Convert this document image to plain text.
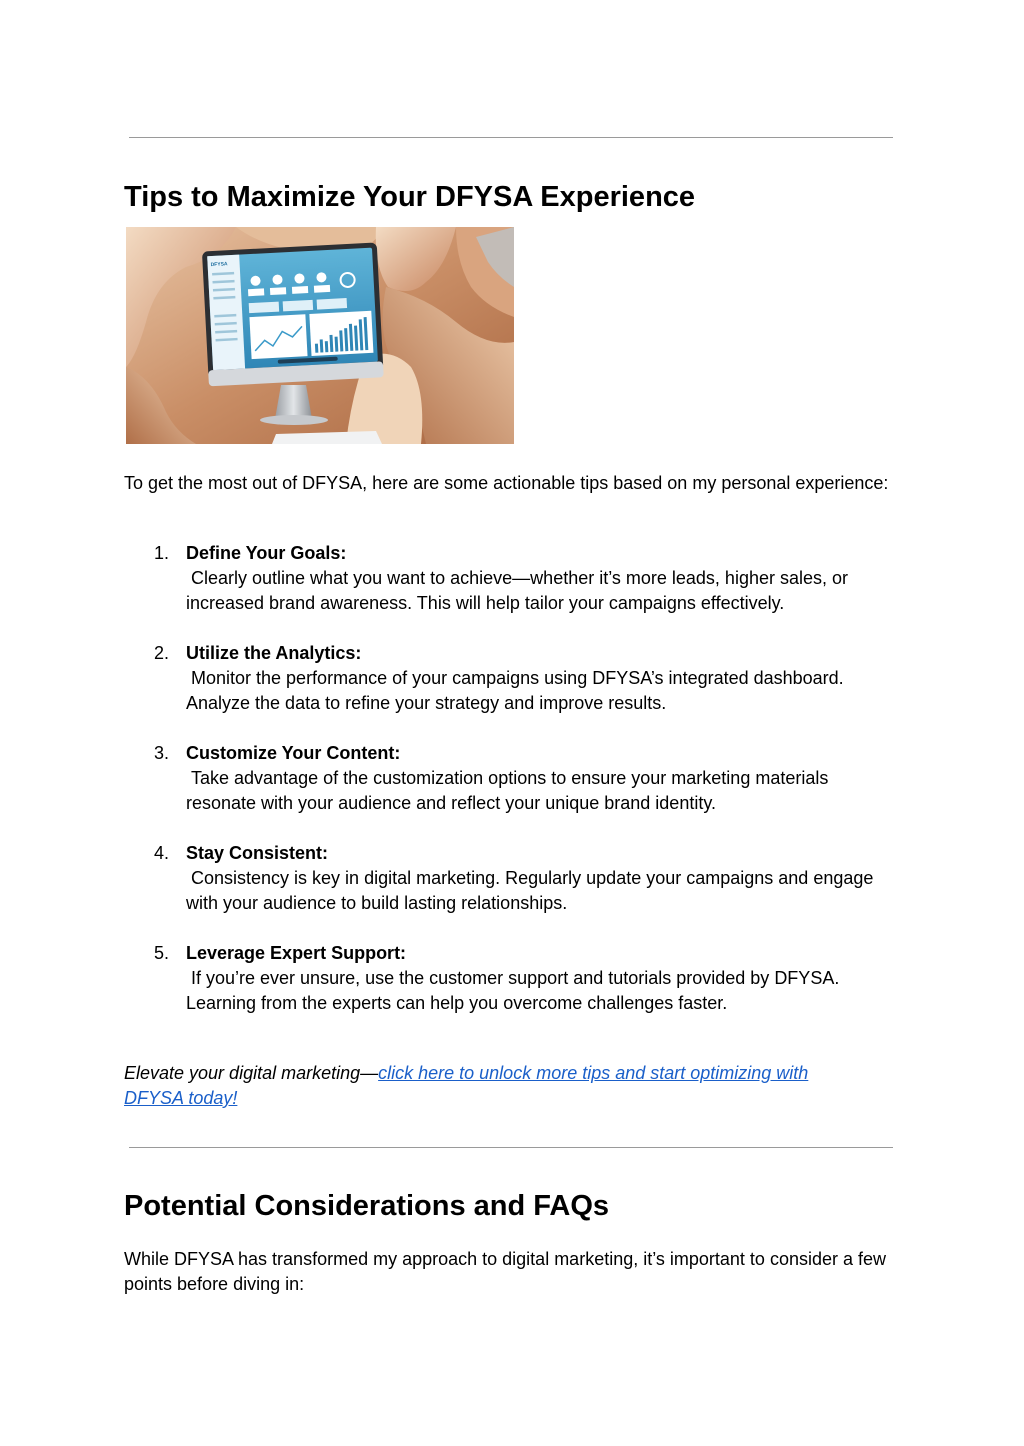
Tips to Maximize Your DFYSA Experience
DFYSA

To get the most out of DFYSA, here are some actionable tips based on my personal experience:

1. Define Your Goals:
Clearly outline what you want to achieve—whether it’s more leads, higher sales, or increased brand awareness. This will help tailor your campaigns effectively.
2. Utilize the Analytics:
Monitor the performance of your campaigns using DFYSA’s integrated dashboard. Analyze the data to refine your strategy and improve results.
3. Customize Your Content:
Take advantage of the customization options to ensure your marketing materials resonate with your audience and reflect your unique brand identity.
4. Stay Consistent:
Consistency is key in digital marketing. Regularly update your campaigns and engage with your audience to build lasting relationships.
5. Leverage Expert Support:
If you’re ever unsure, use the customer support and tutorials provided by DFYSA. Learning from the experts can help you overcome challenges faster.

Elevate your digital marketing—click here to unlock more tips and start optimizing with DFYSA today!

Potential Considerations and FAQs

While DFYSA has transformed my approach to digital marketing, it’s important to consider a few points before diving in:
